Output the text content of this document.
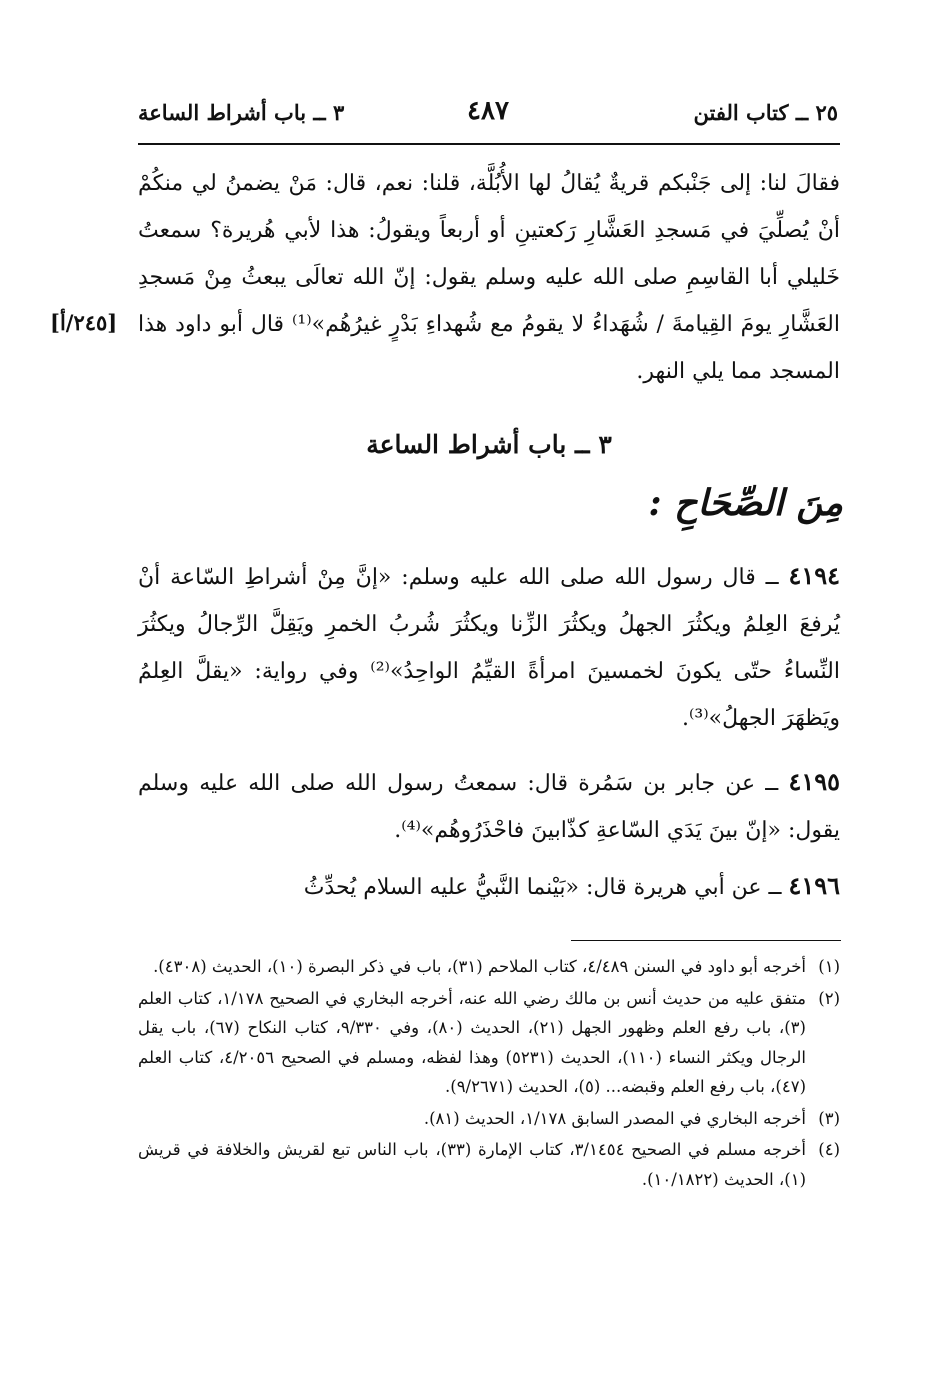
٢٥ ــ كتاب الفتن
٤٨٧
٣ ــ باب أشراط الساعة
فقالَ لنا: إلى جَنْبكم قريةٌ يُقالُ لها الأُبُلَّة، قلنا: نعم، قال: مَنْ يضمنُ لي منكُمْ أنْ يُصلِّيَ في مَسجدِ العَشَّارِ رَكعتينِ أو أربعاً ويقولُ: هذا لأبي هُريرة؟ سمعتُ خَليلي أبا القاسِمِ صلى الله عليه وسلم يقول: إنّ الله تعالَى يبعثُ مِنْ مَسجدِ العَشَّارِ يومَ القِيامةَ / شُهَداءُ لا يقومُ مع شُهداءِ بَدْرٍ غيرُهُم»⁽¹⁾ قال أبو داود هذا المسجد مما يلي النهر.
[٢٤٥/أ]
٣ ــ باب أشراط الساعة
مِنَ الصِّحَاحِ :
٤١٩٤ ــ قال رسول الله صلى الله عليه وسلم: «إنَّ مِنْ أشراطِ السّاعة أنْ يُرفعَ العِلمُ ويكثُرَ الجهلُ ويكثُرَ الزِّنا ويكثُرَ شُربُ الخمرِ ويَقِلَّ الرِّجالُ ويكثُرَ النِّساءُ حتّى يكونَ لخمسينَ امرأةً القيِّمُ الواحِدُ»⁽²⁾ وفي رواية: «يقلَّ العِلمُ ويَظهَرَ الجهلُ»⁽³⁾.
٤١٩٥ ــ عن جابر بن سَمُرة قال: سمعتُ رسول الله صلى الله عليه وسلم يقول: «إنّ بينَ يَدَي السّاعةِ كذّابينَ فاحْذَرُوهُم»⁽⁴⁾.
٤١٩٦ ــ عن أبي هريرة قال: «بَيْنما النَّبيُّ عليه السلام يُحدِّثُ
(١)
أخرجه أبو داود في السنن ٤/٤٨٩، كتاب الملاحم (٣١)، باب في ذكر البصرة (١٠)، الحديث (٤٣٠٨).
(٢)
متفق عليه من حديث أنس بن مالك رضي الله عنه، أخرجه البخاري في الصحيح ١/١٧٨، كتاب العلم (٣)، باب رفع العلم وظهور الجهل (٢١)، الحديث (٨٠)، وفي ٩/٣٣٠، كتاب النكاح (٦٧)، باب يقل الرجال ويكثر النساء (١١٠)، الحديث (٥٢٣١) وهذا لفظه، ومسلم في الصحيح ٤/٢٠٥٦، كتاب العلم (٤٧)، باب رفع العلم وقبضه... (٥)، الحديث (٩/٢٦٧١).
(٣)
أخرجه البخاري في المصدر السابق ١/١٧٨، الحديث (٨١).
(٤)
أخرجه مسلم في الصحيح ٣/١٤٥٤، كتاب الإمارة (٣٣)، باب الناس تبع لقريش والخلافة في قريش (١)، الحديث (١٠/١٨٢٢).
